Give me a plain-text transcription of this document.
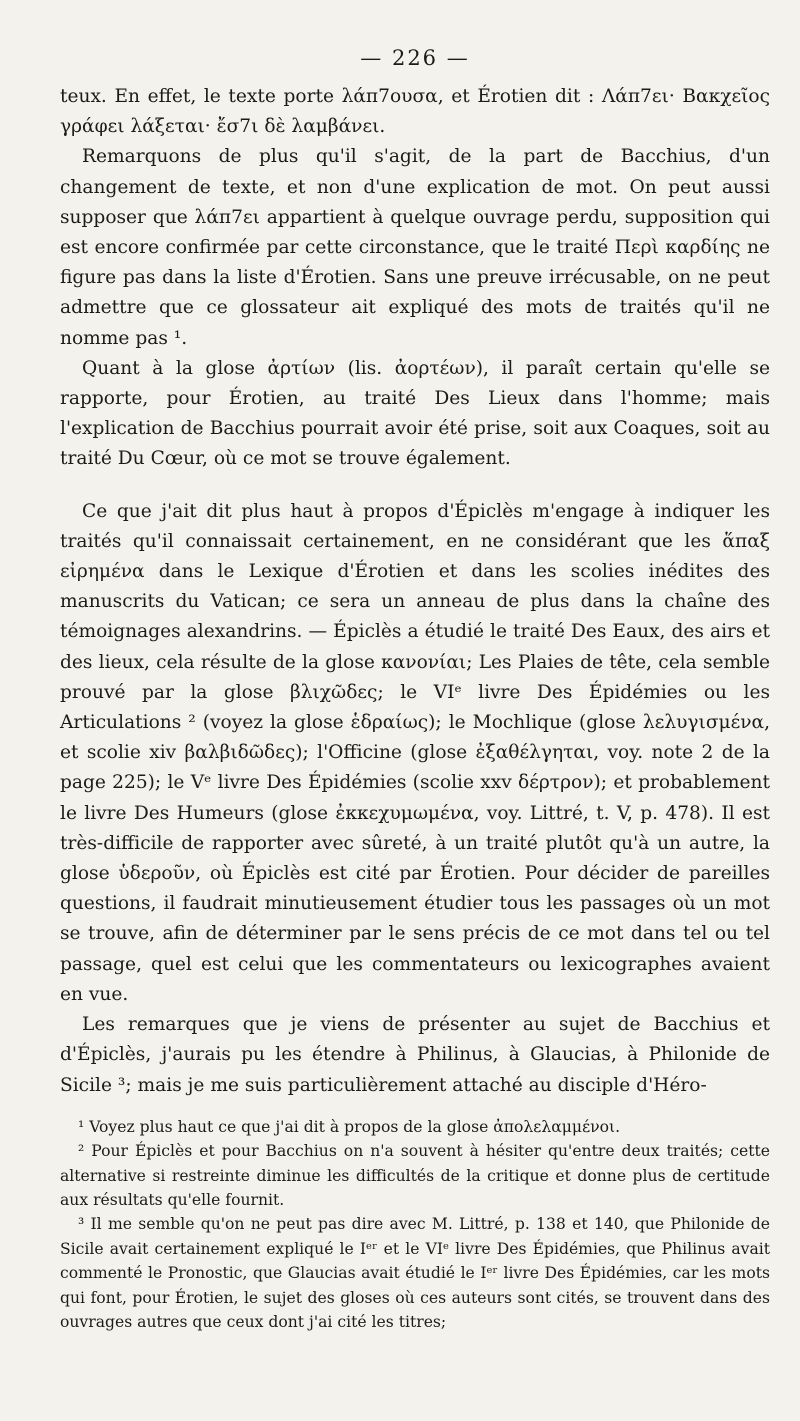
— 226 —

teux. En effet, le texte porte λάπ7ουσα, et Érotien dit : Λάπ7ει· Βακχεῖος γράφει λάξεται· ἔσ7ι δὲ λαμβάνει.

Remarquons de plus qu'il s'agit, de la part de Bacchius, d'un changement de texte, et non d'une explication de mot. On peut aussi supposer que λάπ7ει appartient à quelque ouvrage perdu, supposition qui est encore confirmée par cette circonstance, que le traité Περὶ καρδίης ne figure pas dans la liste d'Érotien. Sans une preuve irrécusable, on ne peut admettre que ce glossateur ait expliqué des mots de traités qu'il ne nomme pas ¹.

Quant à la glose ἀρτίων (lis. ἀορτέων), il paraît certain qu'elle se rapporte, pour Érotien, au traité Des Lieux dans l'homme; mais l'explication de Bacchius pourrait avoir été prise, soit aux Coaques, soit au traité Du Cœur, où ce mot se trouve également.

Ce que j'ait dit plus haut à propos d'Épiclès m'engage à indiquer les traités qu'il connaissait certainement, en ne considérant que les ἅπαξ εἰρημένα dans le Lexique d'Érotien et dans les scolies inédites des manuscrits du Vatican; ce sera un anneau de plus dans la chaîne des témoignages alexandrins. — Épiclès a étudié le traité Des Eaux, des airs et des lieux, cela résulte de la glose κανονίαι; Les Plaies de tête, cela semble prouvé par la glose βλιχῶδες; le VIᵉ livre Des Épidémies ou les Articulations ² (voyez la glose ἑδραίως); le Mochlique (glose λελυγισμένα, et scolie xiv βαλβιδῶδες); l'Officine (glose ἐξαθέλγηται, voy. note 2 de la page 225); le Vᵉ livre Des Épidémies (scolie xxv δέρτρον); et probablement le livre Des Humeurs (glose ἐκκεχυμωμένα, voy. Littré, t. V, p. 478). Il est très-difficile de rapporter avec sûreté, à un traité plutôt qu'à un autre, la glose ὑδεροῦν, où Épiclès est cité par Érotien. Pour décider de pareilles questions, il faudrait minutieusement étudier tous les passages où un mot se trouve, afin de déterminer par le sens précis de ce mot dans tel ou tel passage, quel est celui que les commentateurs ou lexicographes avaient en vue.

Les remarques que je viens de présenter au sujet de Bacchius et d'Épiclès, j'aurais pu les étendre à Philinus, à Glaucias, à Philonide de Sicile ³; mais je me suis particulièrement attaché au disciple d'Héro-

¹ Voyez plus haut ce que j'ai dit à propos de la glose ἀπολελαμμένοι.

² Pour Épiclès et pour Bacchius on n'a souvent à hésiter qu'entre deux traités; cette alternative si restreinte diminue les difficultés de la critique et donne plus de certitude aux résultats qu'elle fournit.

³ Il me semble qu'on ne peut pas dire avec M. Littré, p. 138 et 140, que Philonide de Sicile avait certainement expliqué le Iᵉʳ et le VIᵉ livre Des Épidémies, que Philinus avait commenté le Pronostic, que Glaucias avait étudié le Iᵉʳ livre Des Épidémies, car les mots qui font, pour Érotien, le sujet des gloses où ces auteurs sont cités, se trouvent dans des ouvrages autres que ceux dont j'ai cité les titres;
